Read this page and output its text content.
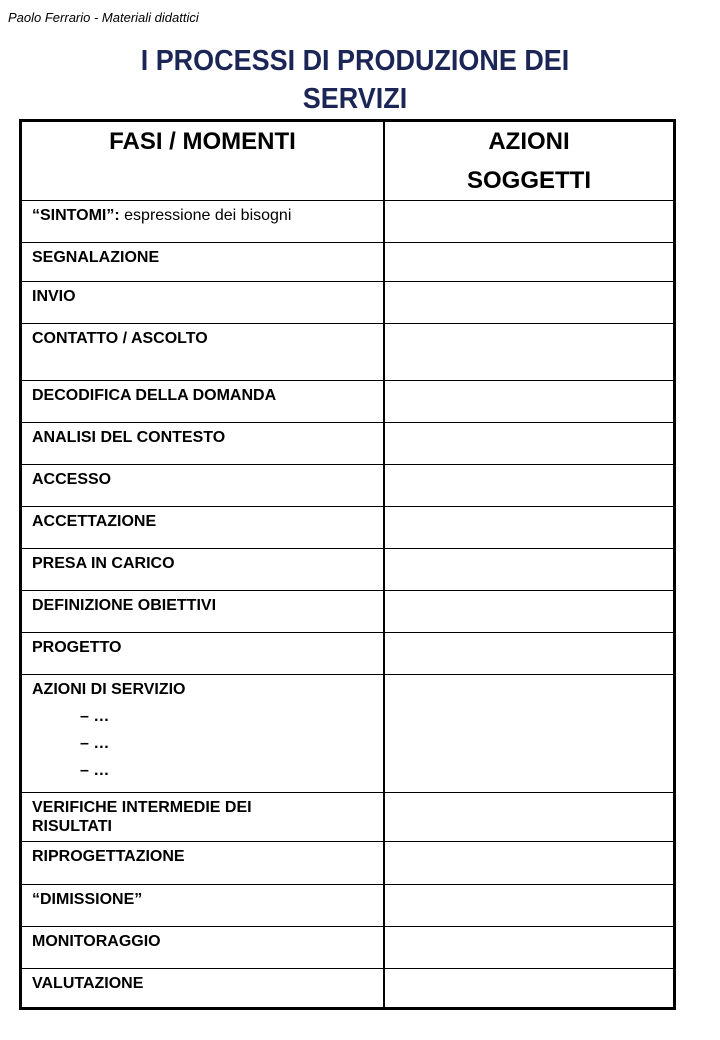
Paolo Ferrario - Materiali didattici
I PROCESSI DI PRODUZIONE DEI
SERVIZI
FASI / MOMENTI	AZIONI
SOGGETTI

“SINTOMI”: espressione dei bisogni	

SEGNALAZIONE	

INVIO	

CONTATTO / ASCOLTO	

DECODIFICA DELLA DOMANDA	

ANALISI DEL CONTESTO	

ACCESSO	

ACCETTAZIONE	

PRESA IN CARICO	

DEFINIZIONE OBIETTIVI	

PROGETTO	

AZIONI DI SERVIZIO
– …
– …
– …	

VERIFICHE INTERMEDIE DEI RISULTATI	

RIPROGETTAZIONE	

“DIMISSIONE”	

MONITORAGGIO	

VALUTAZIONE	
